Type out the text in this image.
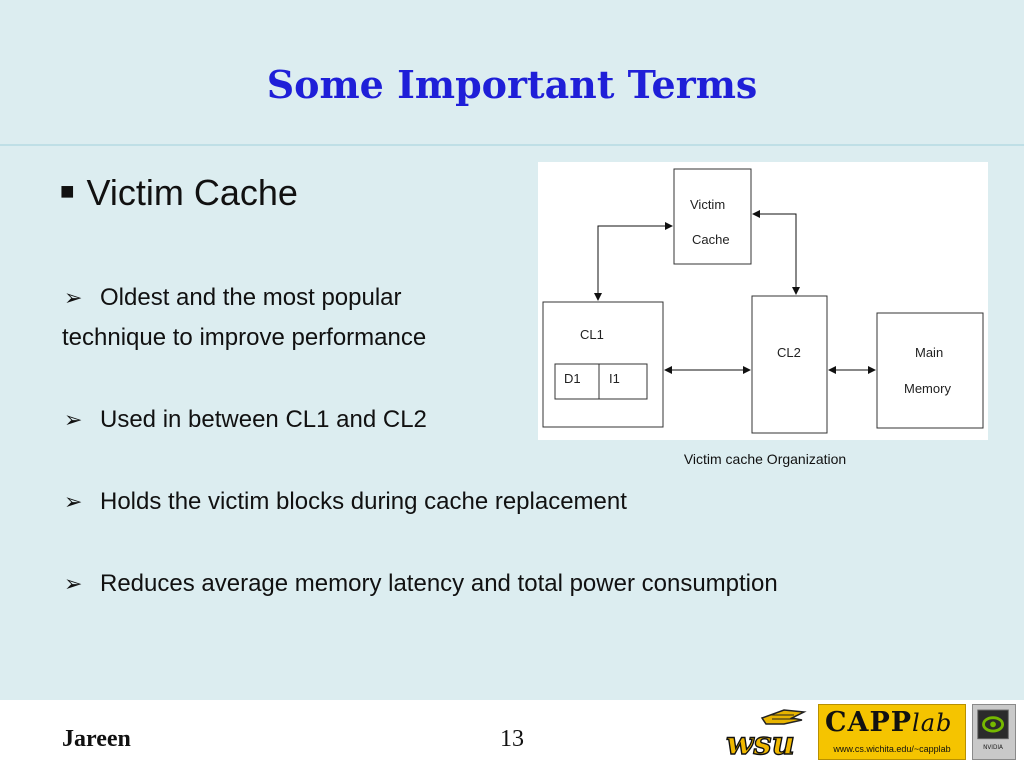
Some Important Terms
■ Victim Cache
➢ Oldest and the most popular
technique to improve performance
➢ Used in between CL1 and CL2
➢ Holds the victim blocks during cache replacement
➢ Reduces average memory latency and total power consumption
Victim
Cache
CL1
D1 I1
CL2	Main
Memory
Victim cache Organization
Jareen	13	wsu
CAPPlab
www.cs.wichita.edu/~capplab	NVIDIA
